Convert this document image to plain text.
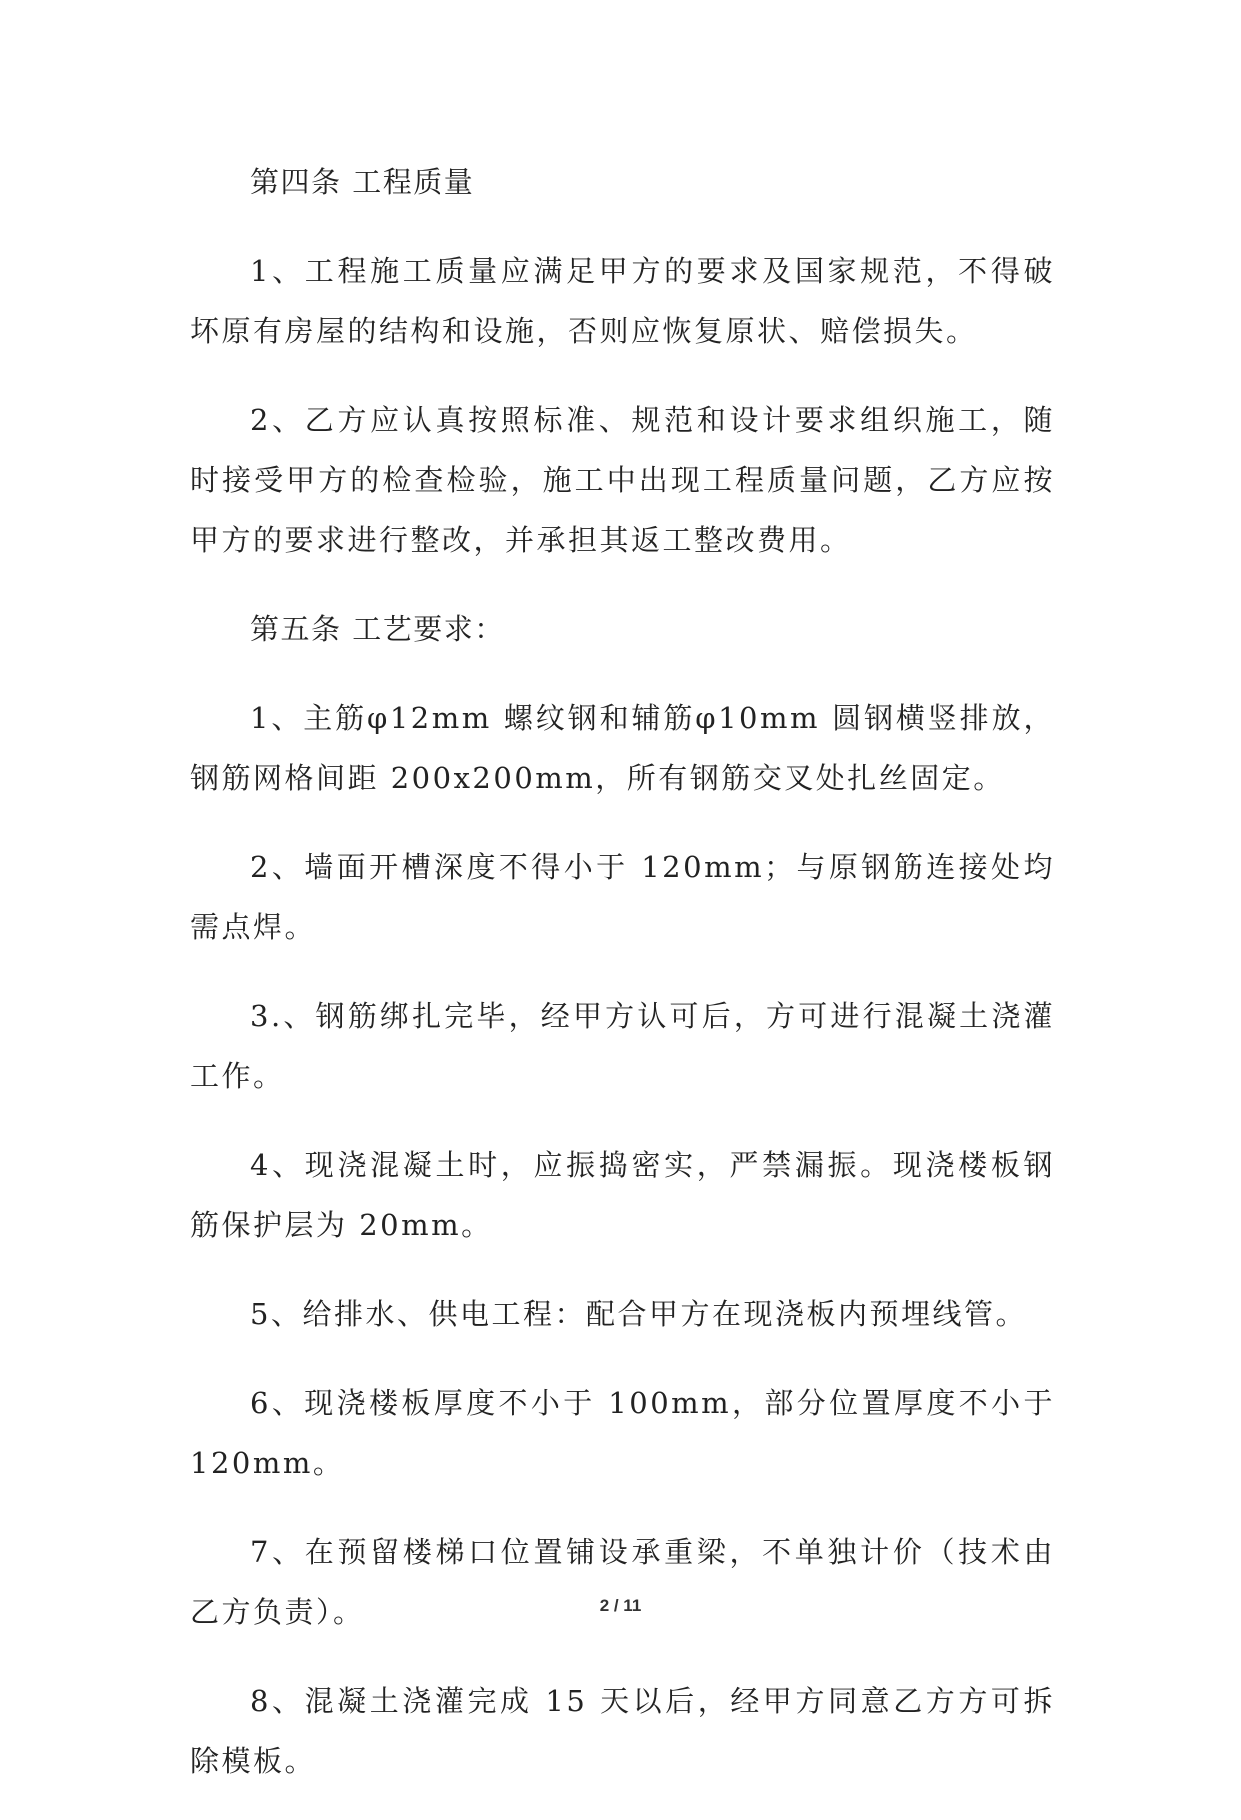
第四条 工程质量

1、工程施工质量应满足甲方的要求及国家规范，不得破坏原有房屋的结构和设施，否则应恢复原状、赔偿损失。

2、乙方应认真按照标准、规范和设计要求组织施工，随时接受甲方的检查检验，施工中出现工程质量问题，乙方应按甲方的要求进行整改，并承担其返工整改费用。

第五条 工艺要求：

1、主筋φ12mm 螺纹钢和辅筋φ10mm 圆钢横竖排放，钢筋网格间距 200x200mm，所有钢筋交叉处扎丝固定。

2、墙面开槽深度不得小于 120mm；与原钢筋连接处均需点焊。

3.、钢筋绑扎完毕，经甲方认可后，方可进行混凝土浇灌工作。

4、现浇混凝土时，应振捣密实，严禁漏振。现浇楼板钢筋保护层为 20mm。

5、给排水、供电工程：配合甲方在现浇板内预埋线管。

6、现浇楼板厚度不小于 100mm，部分位置厚度不小于120mm。

7、在预留楼梯口位置铺设承重梁，不单独计价（技术由乙方负责）。

8、混凝土浇灌完成 15 天以后，经甲方同意乙方方可拆除模板。

2 / 11
